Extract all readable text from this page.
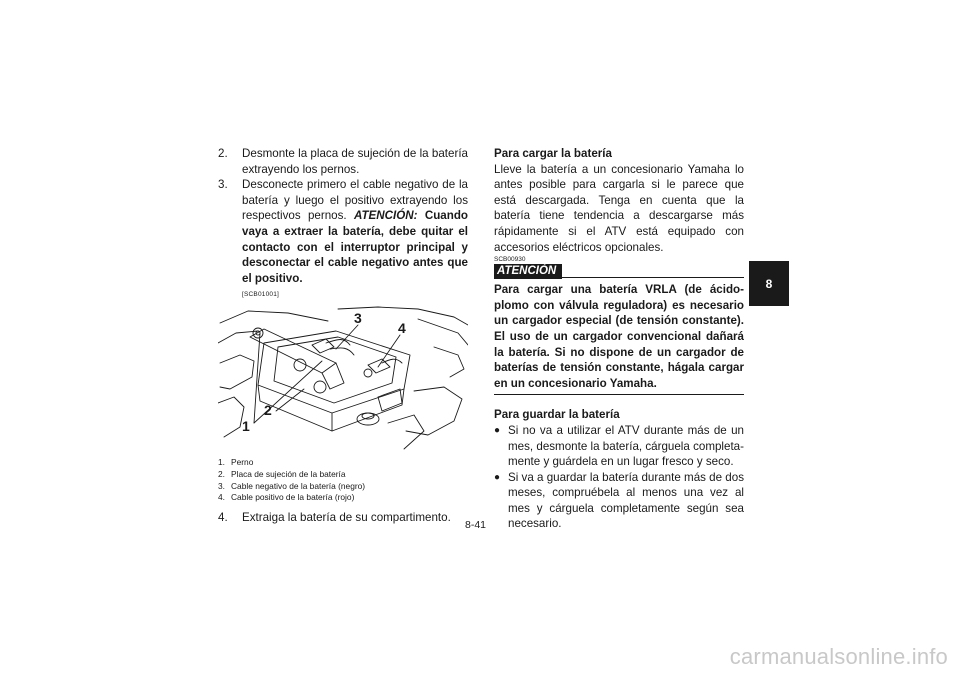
2. Desmonte la placa de sujeción de la batería extrayendo los pernos.
3. Desconecte primero el cable negativo de la batería y luego el positivo extrayendo los respectivos pernos. ATENCIÓN: Cuando vaya a extraer la batería, debe quitar el contacto con el interruptor principal y desconectar el cable negativo antes que el positivo.
[SCB01001]
1
2
3
4
1. Perno
2. Placa de sujeción de la batería
3. Cable negativo de la batería (negro)
4. Cable positivo de la batería (rojo)
4. Extraiga la batería de su compartimento.
Para cargar la batería
Lleve la batería a un concesionario Yamaha lo antes posible para cargarla si le parece que está descargada. Tenga en cuenta que la batería tiene tendencia a descargarse más rápidamente si el ATV está equipado con accesorios eléctricos opcionales.
SCB00930
ATENCIÓN
Para cargar una batería VRLA (de ácido-plomo con válvula reguladora) es necesario un cargador especial (de tensión constante). El uso de un cargador convencional dañará la batería. Si no dispone de un cargador de baterías de tensión constante, hágala cargar en un concesionario Yamaha.
Para guardar la batería
● Si no va a utilizar el ATV durante más de un mes, desmonte la batería, cárguela completamente y guárdela en un lugar fresco y seco.
● Si va a guardar la batería durante más de dos meses, compruébela al menos una vez al mes y cárguela completamente según sea necesario.
8
8-41
carmanualsonline.info
